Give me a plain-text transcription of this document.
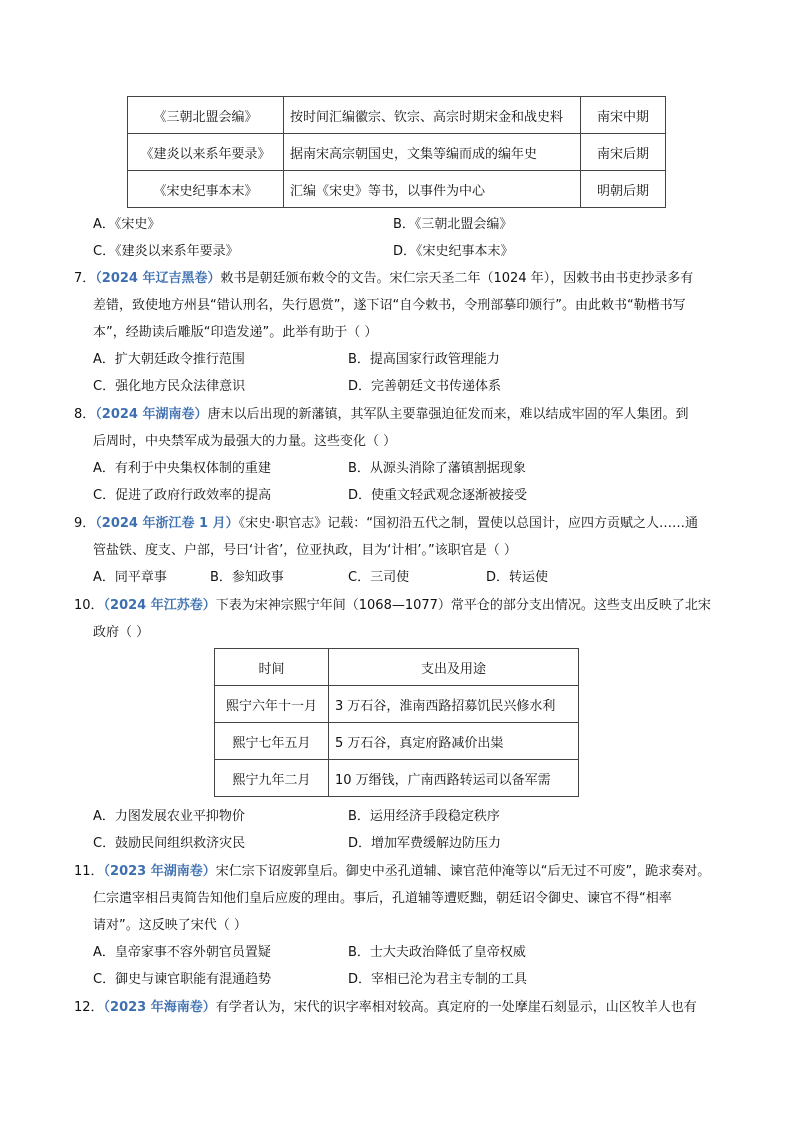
《三朝北盟会编》	按时间汇编徽宗、钦宗、高宗时期宋金和战史料	南宋中期
《建炎以来系年要录》	据南宋高宗朝国史，文集等编而成的编年史	南宋后期
《宋史纪事本末》	汇编《宋史》等书，以事件为中心	明朝后期
A．《宋史》	B．《三朝北盟会编》
C．《建炎以来系年要录》	D．《宋史纪事本末》
7．（2024 年辽吉黑卷）敕书是朝廷颁布敕令的文告。宋仁宗天圣二年（1024 年），因敕书由书吏抄录多有
差错，致使地方州县“错认刑名，失行恩赏”，遂下诏“自今敕书，令刑部摹印颁行”。由此敕书“勒楷书写
本”，经勘读后雕版“印造发递”。此举有助于（ ）
A．扩大朝廷政令推行范围	B．提高国家行政管理能力
C．强化地方民众法律意识	D．完善朝廷文书传递体系
8．（2024 年湖南卷）唐末以后出现的新藩镇，其军队主要靠强迫征发而来，难以结成牢固的军人集团。到
后周时，中央禁军成为最强大的力量。这些变化（ ）
A．有利于中央集权体制的重建	B．从源头消除了藩镇割据现象
C．促进了政府行政效率的提高	D．使重文轻武观念逐渐被接受
9．（2024 年浙江卷 1 月）《宋史·职官志》记载：“国初沿五代之制，置使以总国计，应四方贡赋之人……通
管盐铁、度支、户部，号曰‘计省’，位亚执政，目为‘计相’。”该职官是（ ）
A．同平章事	B．参知政事	C．三司使	D．转运使
10．（2024 年江苏卷）下表为宋神宗熙宁年间（1068—1077）常平仓的部分支出情况。这些支出反映了北宋
政府（ ）
时间	支出及用途
熙宁六年十一月	3 万石谷，淮南西路招募饥民兴修水利
熙宁七年五月	5 万石谷，真定府路减价出粜
熙宁九年二月	10 万缗钱，广南西路转运司以备军需
A．力图发展农业平抑物价	B．运用经济手段稳定秩序
C．鼓励民间组织救济灾民	D．增加军费缓解边防压力
11．（2023 年湖南卷）宋仁宗下诏废郭皇后。御史中丞孔道辅、谏官范仲淹等以“后无过不可废”，跪求奏对。
仁宗遣宰相吕夷简告知他们皇后应废的理由。事后，孔道辅等遭贬黜，朝廷诏令御史、谏官不得“相率
请对”。这反映了宋代（ ）
A．皇帝家事不容外朝官员置疑	B．士大夫政治降低了皇帝权威
C．御史与谏官职能有混通趋势	D．宰相已沦为君主专制的工具
12．（2023 年海南卷）有学者认为，宋代的识字率相对较高。真定府的一处摩崖石刻显示，山区牧羊人也有
